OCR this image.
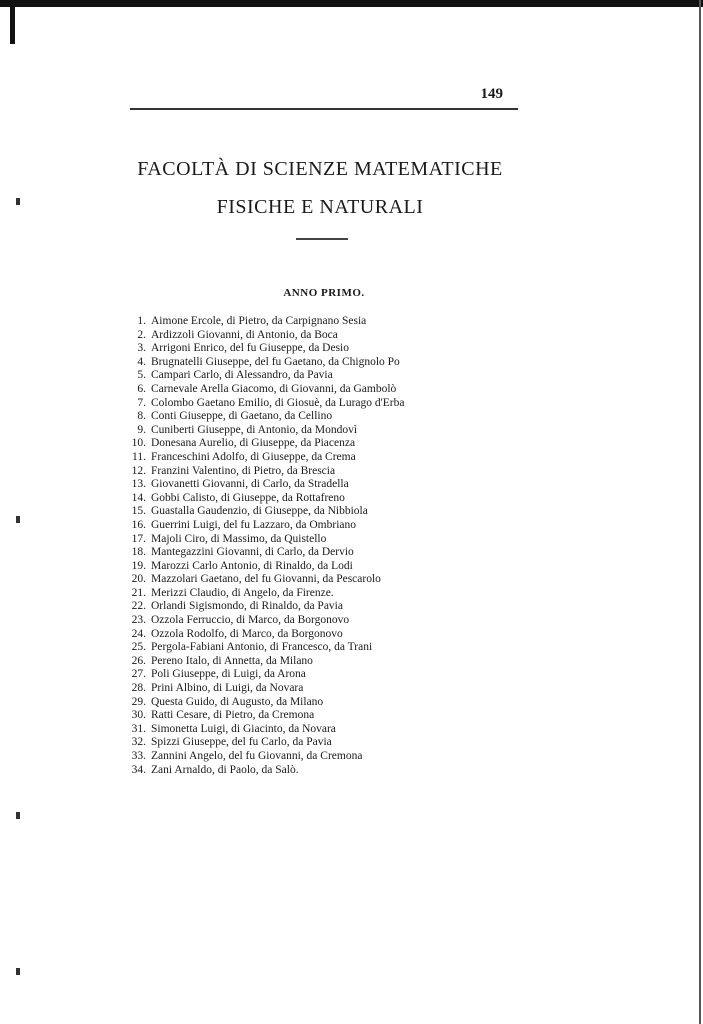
149
FACOLTÀ DI SCIENZE MATEMATICHE
FISICHE E NATURALI
ANNO PRIMO.
1. Aimone Ercole, di Pietro, da Carpignano Sesia
2. Ardizzoli Giovanni, di Antonio, da Boca
3. Arrigoni Enrico, del fu Giuseppe, da Desio
4. Brugnatelli Giuseppe, del fu Gaetano, da Chignolo Po
5. Campari Carlo, di Alessandro, da Pavia
6. Carnevale Arella Giacomo, di Giovanni, da Gambolò
7. Colombo Gaetano Emilio, di Giosuè, da Lurago d'Erba
8. Conti Giuseppe, di Gaetano, da Cellino
9. Cuniberti Giuseppe, di Antonio, da Mondovì
10. Donesana Aurelio, di Giuseppe, da Piacenza
11. Franceschini Adolfo, di Giuseppe, da Crema
12. Franzini Valentino, di Pietro, da Brescia
13. Giovanetti Giovanni, di Carlo, da Stradella
14. Gobbi Calisto, di Giuseppe, da Rottafreno
15. Guastalla Gaudenzio, di Giuseppe, da Nibbiola
16. Guerrini Luigi, del fu Lazzaro, da Ombriano
17. Majoli Ciro, di Massimo, da Quistello
18. Mantegazzini Giovanni, di Carlo, da Dervio
19. Marozzi Carlo Antonio, di Rinaldo, da Lodi
20. Mazzolari Gaetano, del fu Giovanni, da Pescarolo
21. Merizzi Claudio, di Angelo, da Firenze.
22. Orlandi Sigismondo, di Rinaldo, da Pavia
23. Ozzola Ferruccio, di Marco, da Borgonovo
24. Ozzola Rodolfo, di Marco, da Borgonovo
25. Pergola-Fabiani Antonio, di Francesco, da Trani
26. Pereno Italo, di Annetta, da Milano
27. Poli Giuseppe, di Luigi, da Arona
28. Prini Albino, di Luigi, da Novara
29. Questa Guido, di Augusto, da Milano
30. Ratti Cesare, di Pietro, da Cremona
31. Simonetta Luigi, di Giacinto, da Novara
32. Spizzi Giuseppe, del fu Carlo, da Pavia
33. Zannini Angelo, del fu Giovanni, da Cremona
34. Zani Arnaldo, di Paolo, da Salò.
